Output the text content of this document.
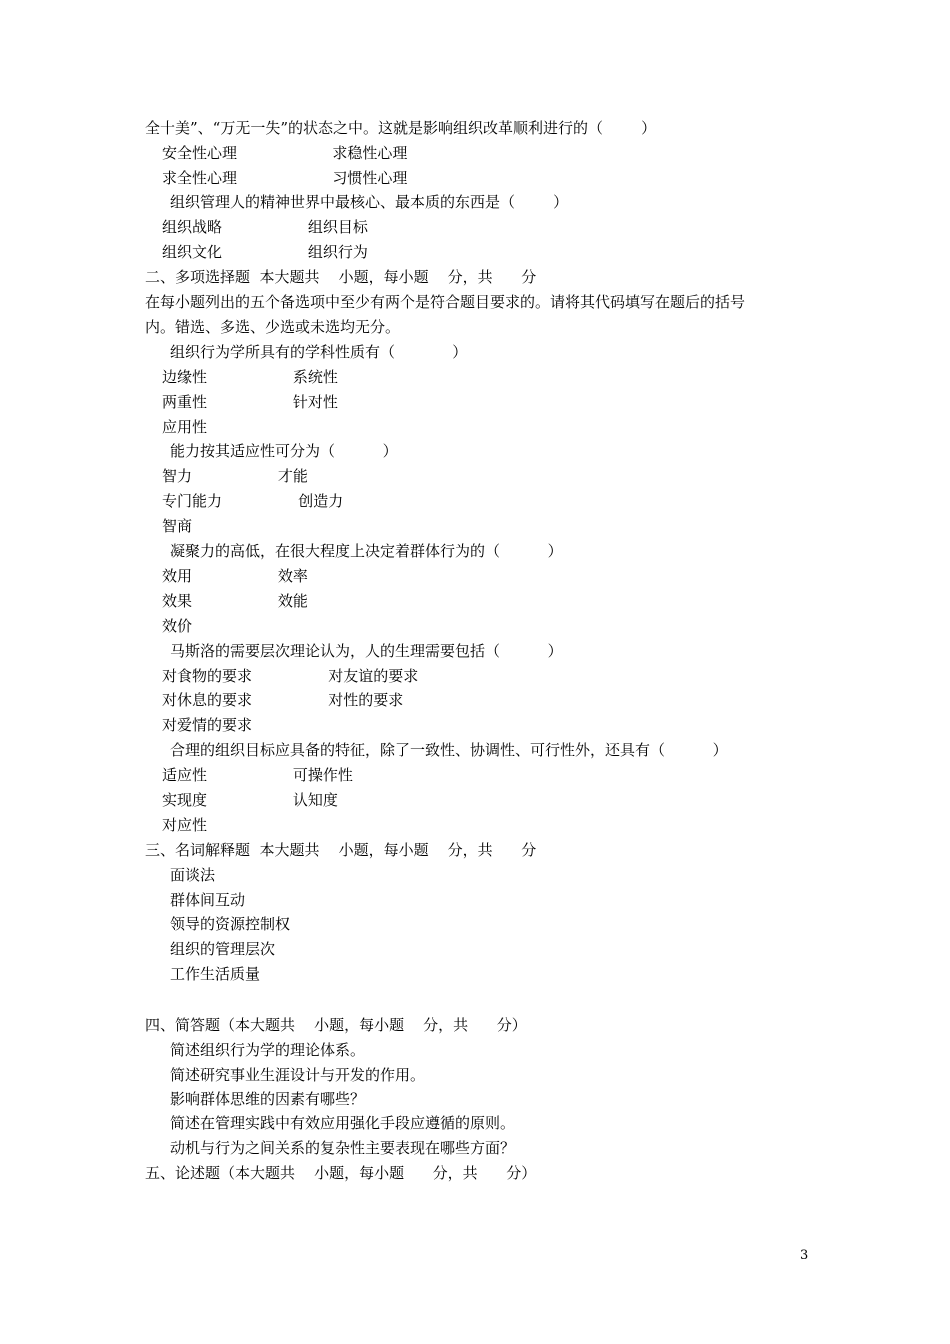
全十美”、“万无一失”的状态之中。这就是影响组织改革顺利进行的（        ）
安全性心理                    求稳性心理
求全性心理                    习惯性心理
组织管理人的精神世界中最核心、最本质的东西是（        ）
组织战略                  组织目标
组织文化                  组织行为
二、多项选择题  本大题共    小题，每小题    分，共      分
在每小题列出的五个备选项中至少有两个是符合题目要求的。请将其代码填写在题后的括号
内。错选、多选、少选或未选均无分。
组织行为学所具有的学科性质有（            ）
边缘性                  系统性
两重性                  针对性
应用性
能力按其适应性可分为（          ）
智力                  才能
专门能力                创造力
智商
凝聚力的高低，在很大程度上决定着群体行为的（          ）
效用                  效率
效果                  效能
效价
马斯洛的需要层次理论认为，人的生理需要包括（          ）
对食物的要求                对友谊的要求
对休息的要求                对性的要求
对爱情的要求
合理的组织目标应具备的特征，除了一致性、协调性、可行性外，还具有（          ）
适应性                  可操作性
实现度                  认知度
对应性
三、名词解释题  本大题共    小题，每小题    分，共      分
面谈法
群体间互动
领导的资源控制权
组织的管理层次
工作生活质量
四、简答题（本大题共    小题，每小题    分，共      分）
简述组织行为学的理论体系。
简述研究事业生涯设计与开发的作用。
影响群体思维的因素有哪些？
简述在管理实践中有效应用强化手段应遵循的原则。
动机与行为之间关系的复杂性主要表现在哪些方面？
五、论述题（本大题共    小题，每小题      分，共      分）
3
